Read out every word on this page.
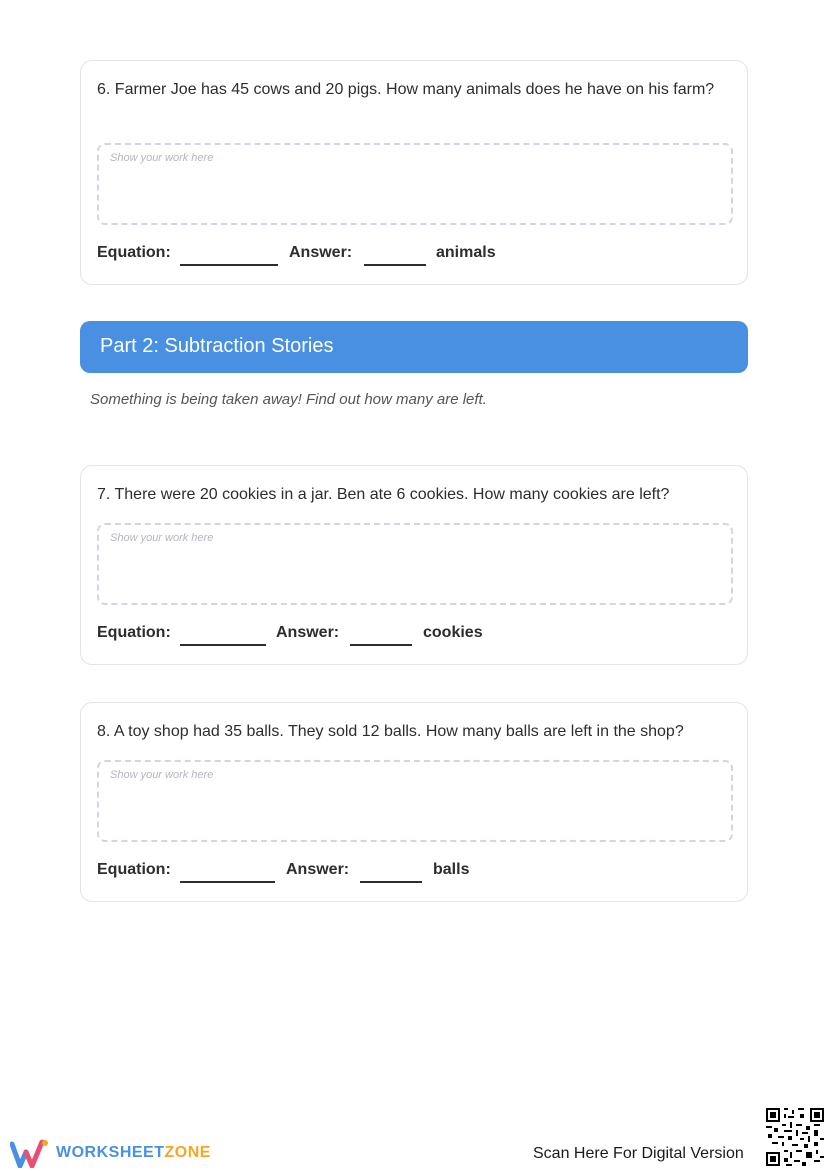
6. Farmer Joe has 45 cows and 20 pigs. How many animals does he have on his farm?
Show your work here
Equation:	Answer:	animals
Part 2: Subtraction Stories
Something is being taken away! Find out how many are left.
7. There were 20 cookies in a jar. Ben ate 6 cookies. How many cookies are left?
Show your work here
Equation:	Answer:	cookies
8. A toy shop had 35 balls. They sold 12 balls. How many balls are left in the shop?
Show your work here
Equation:	Answer:	balls
WORKSHEETZONE	Scan Here For Digital Version
